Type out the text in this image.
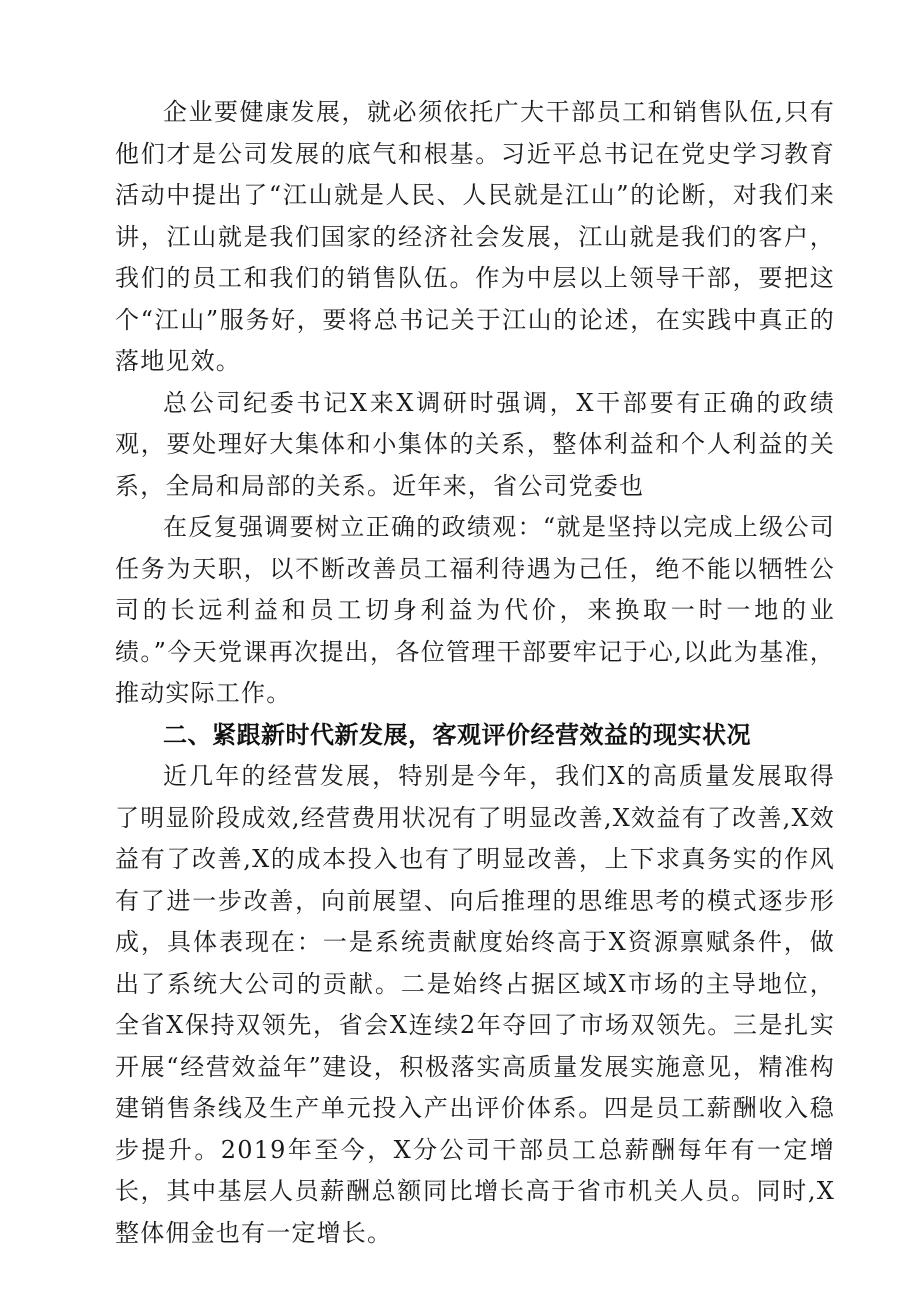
企业要健康发展，就必须依托广大干部员工和销售队伍,只有他们才是公司发展的底气和根基。习近平总书记在党史学习教育活动中提出了“江山就是人民、人民就是江山”的论断，对我们来讲，江山就是我们国家的经济社会发展，江山就是我们的客户，我们的员工和我们的销售队伍。作为中层以上领导干部，要把这个“江山”服务好，要将总书记关于江山的论述，在实践中真正的落地见效。

总公司纪委书记X来X调研时强调，X干部要有正确的政绩观，要处理好大集体和小集体的关系，整体利益和个人利益的关系，全局和局部的关系。近年来，省公司党委也

在反复强调要树立正确的政绩观：“就是坚持以完成上级公司任务为天职，以不断改善员工福利待遇为己任，绝不能以牺牲公司的长远利益和员工切身利益为代价，来换取一时一地的业绩。”今天党课再次提出，各位管理干部要牢记于心,以此为基准，推动实际工作。

二、紧跟新时代新发展，客观评价经营效益的现实状况

近几年的经营发展，特别是今年，我们X的高质量发展取得了明显阶段成效,经营费用状况有了明显改善,X效益有了改善,X效益有了改善,X的成本投入也有了明显改善，上下求真务实的作风有了进一步改善，向前展望、向后推理的思维思考的模式逐步形成，具体表现在：一是系统责献度始终高于X资源禀赋条件，做出了系统大公司的贡献。二是始终占据区域X市场的主导地位，全省X保持双领先，省会X连续2年夺回了市场双领先。三是扎实开展“经营效益年”建设，积极落实高质量发展实施意见，精准构建销售条线及生产单元投入产出评价体系。四是员工薪酬收入稳步提升。2019年至今，X分公司干部员工总薪酬每年有一定增长，其中基层人员薪酬总额同比增长高于省市机关人员。同时,X整体佣金也有一定增长。
